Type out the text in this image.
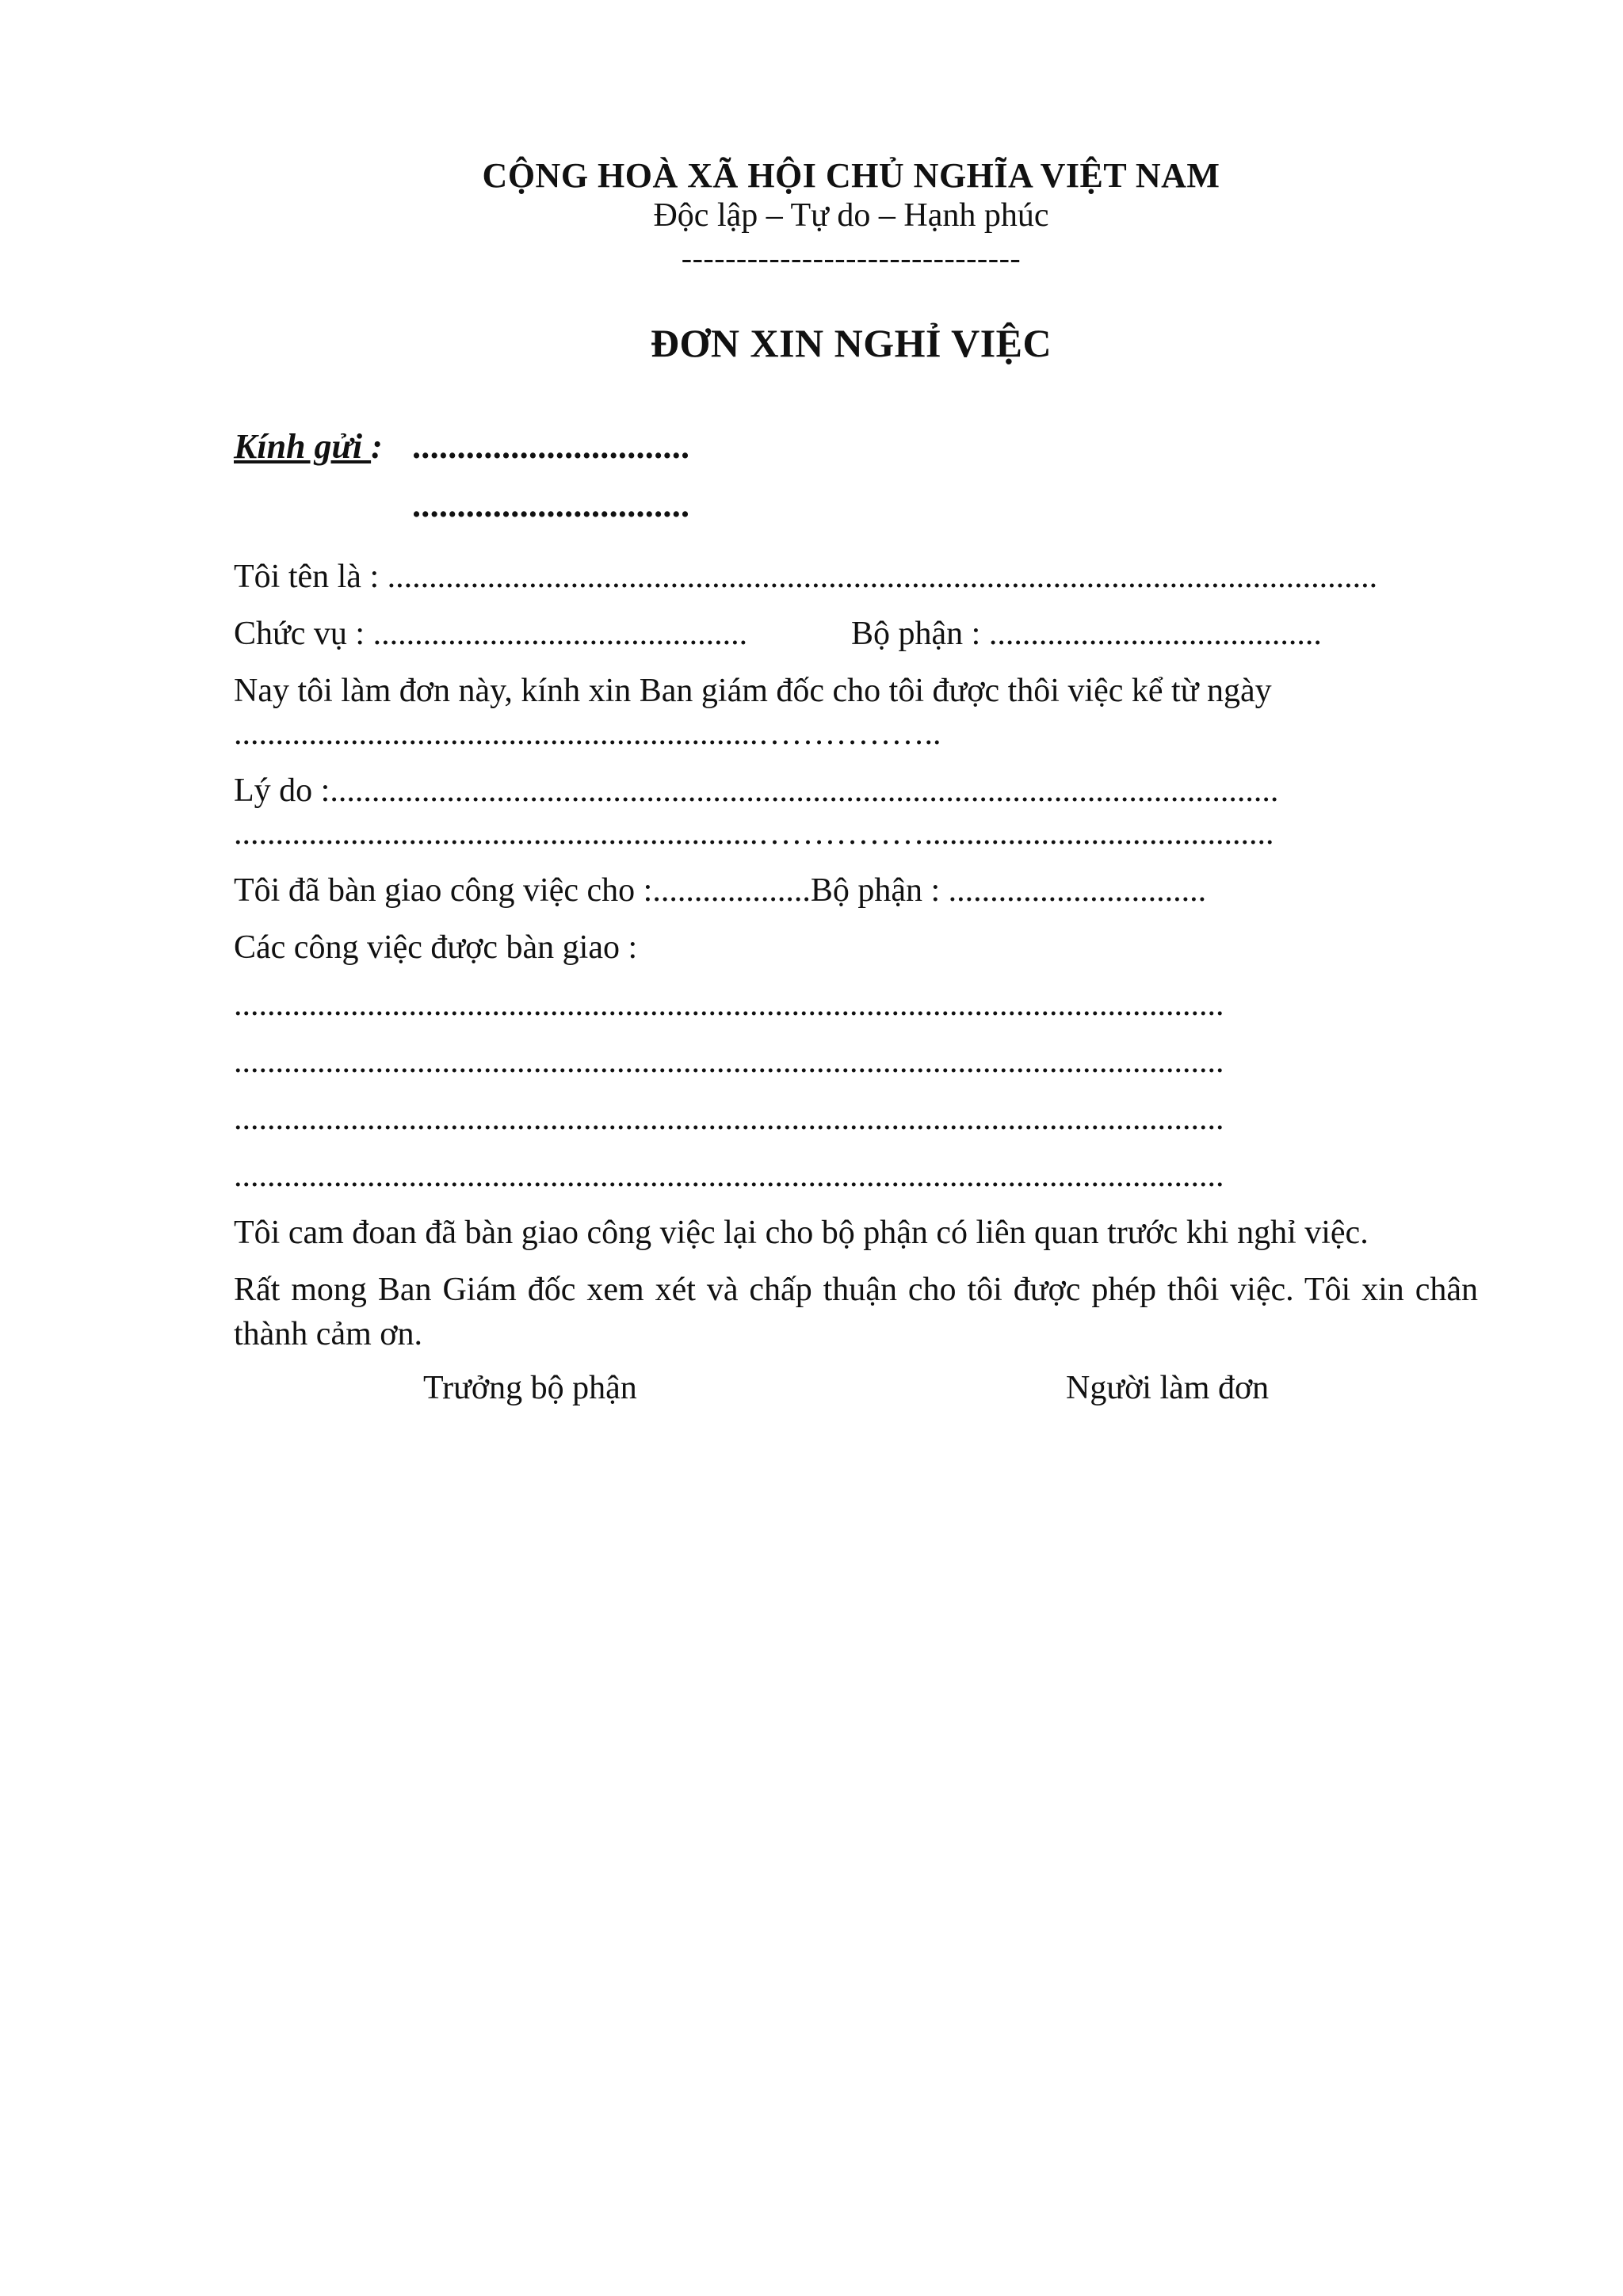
CỘNG HOÀ XÃ HỘI CHỦ NGHĨA VIỆT NAM
Độc lập – Tự do – Hạnh phúc
-------------------------------
ĐƠN XIN NGHỈ VIỆC
Kính gửi : ...............................
...............................
Tôi tên là : .......................................................................................................................
Chức vụ : .............................................	Bộ phận : ........................................
Nay tôi làm đơn này, kính xin Ban giám đốc cho tôi được thôi việc kể từ ngày
...............................................................……………..
Lý do :..................................................................................................................
...............................................................……………..........................................
Tôi đã bàn giao công việc cho :...................Bộ phận : ...............................
Các công việc được bàn giao :
.......................................................................................................................
.......................................................................................................................
.......................................................................................................................
.......................................................................................................................
Tôi cam đoan đã bàn giao công việc lại cho bộ phận có liên quan trước khi nghỉ việc.
Rất mong Ban Giám đốc xem xét và chấp thuận cho tôi được phép thôi việc. Tôi xin chân thành cảm ơn.
Trưởng bộ phận	Người làm đơn
